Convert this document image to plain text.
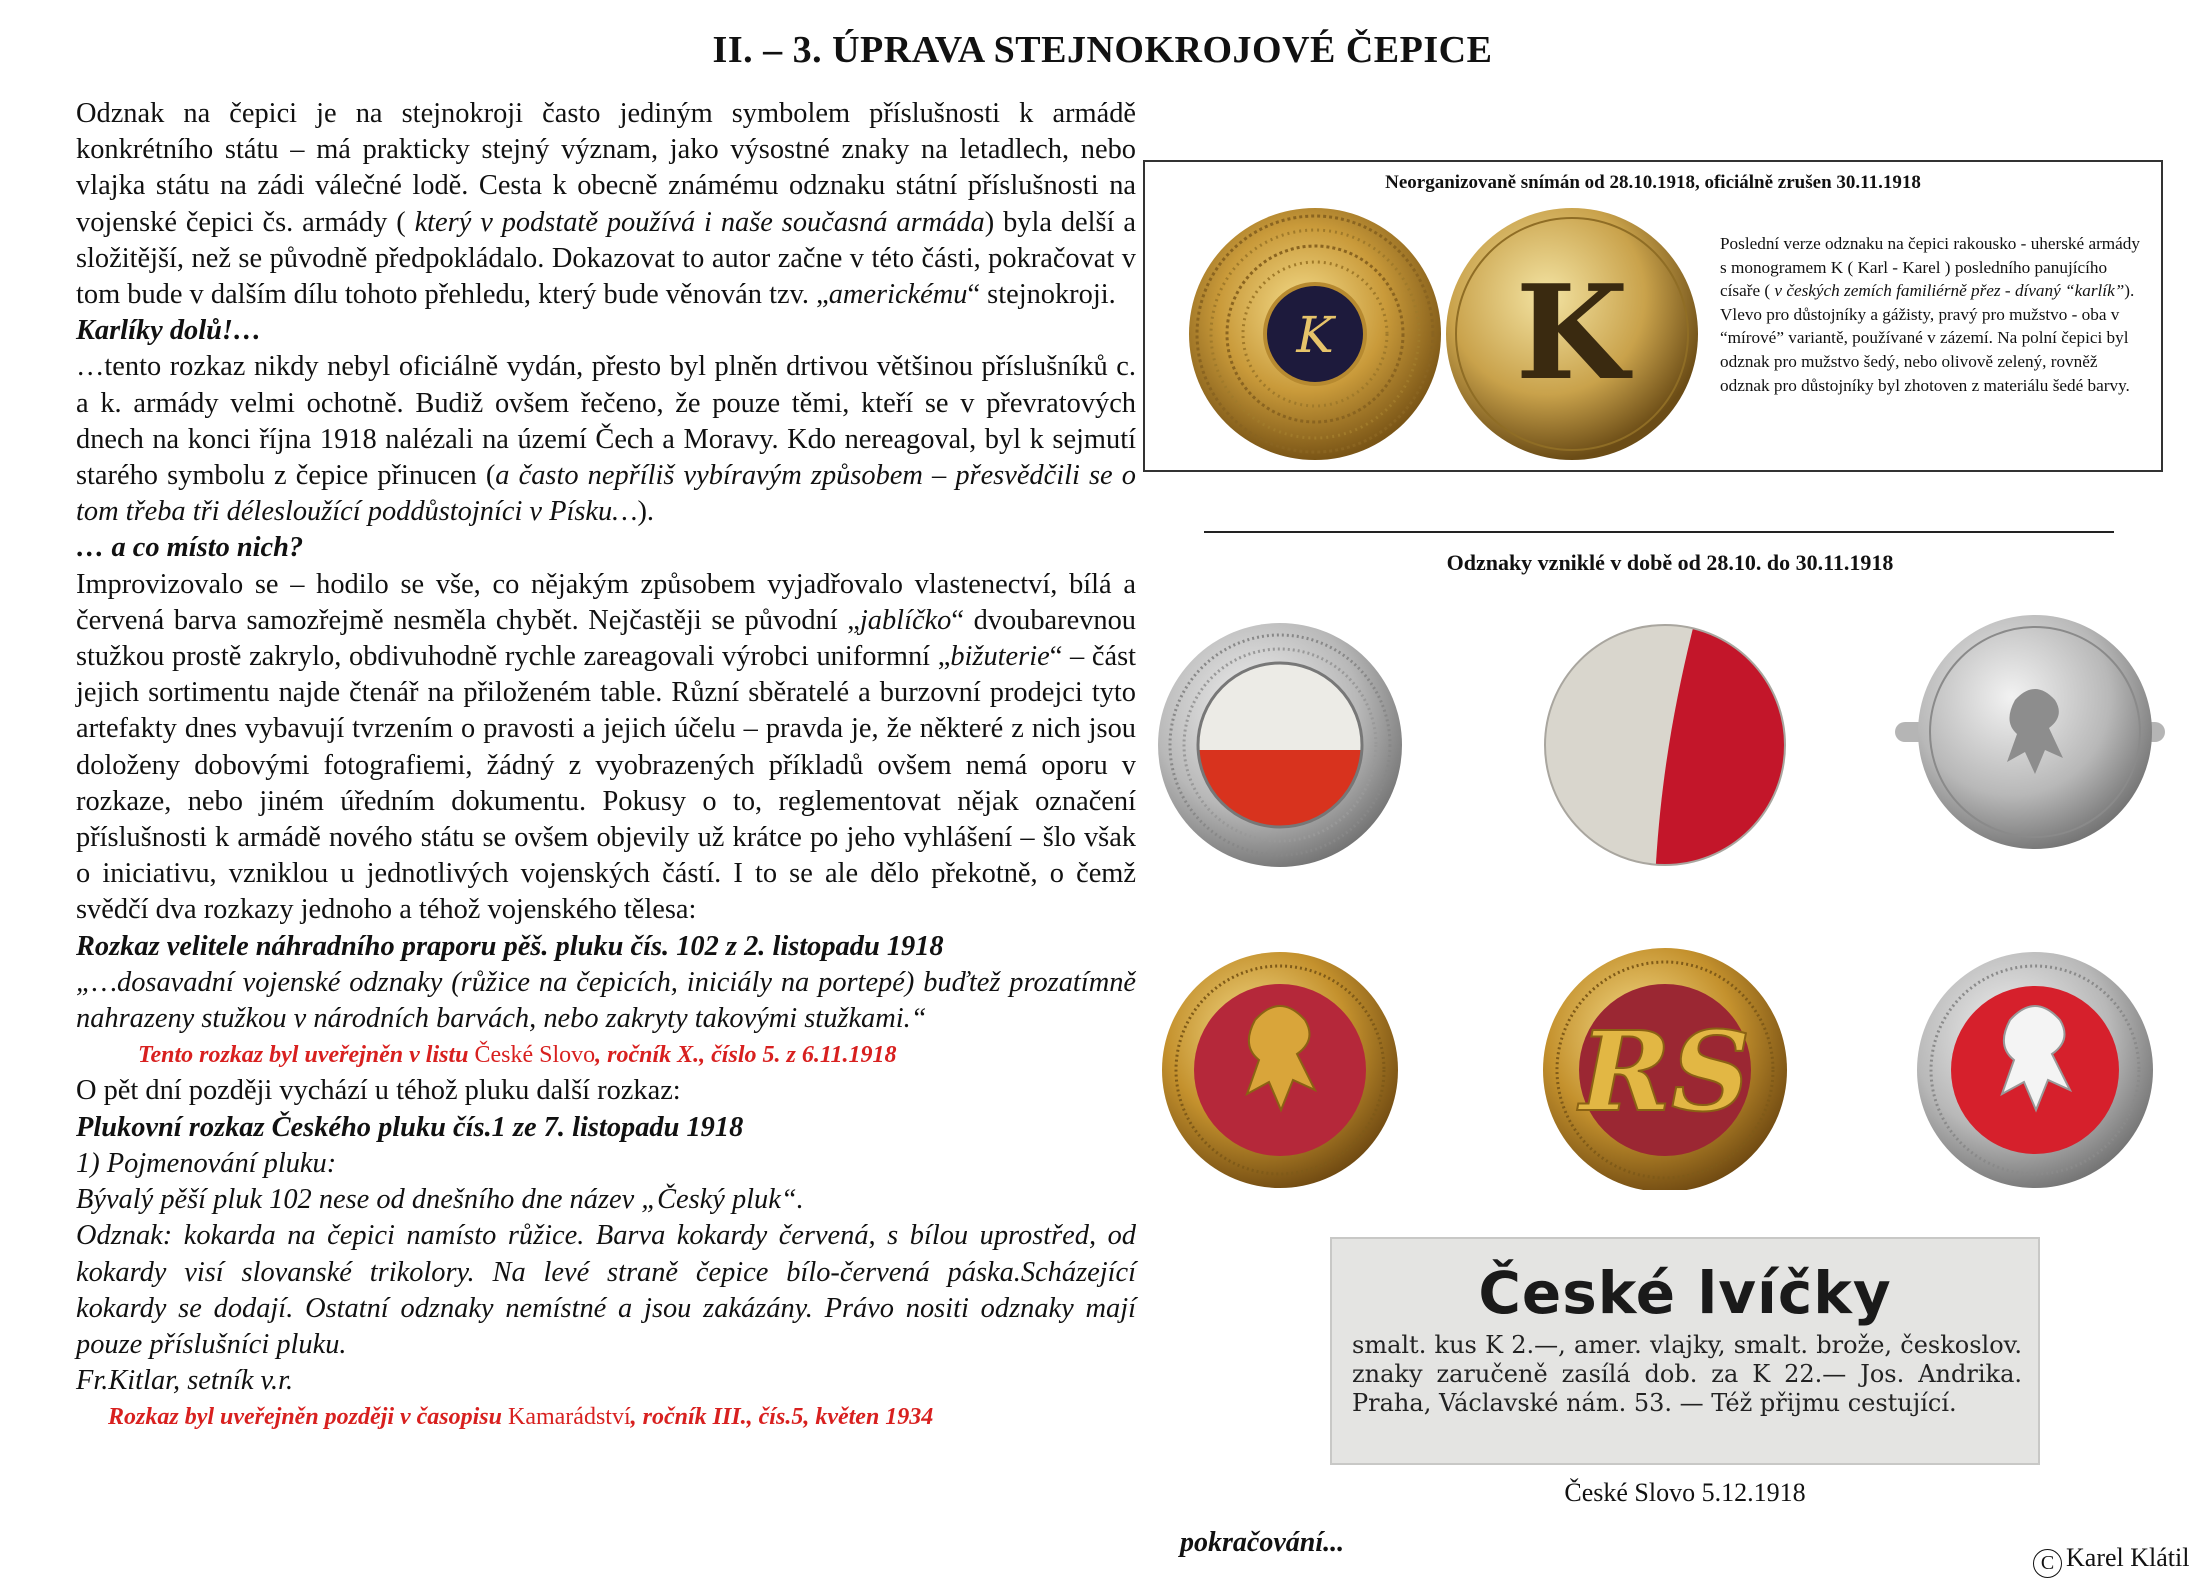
II. – 3. ÚPRAVA STEJNOKROJOVÉ ČEPICE

Odznak na čepici je na stejnokroji často jediným symbolem příslušnosti k armádě konkrétního státu – má prakticky stejný význam, jako výsostné znaky na letadlech, nebo vlajka státu na zádi válečné lodě. Cesta k obecně známému odznaku státní příslušnosti na vojenské čepici čs. armády ( který v podstatě používá i naše současná armáda) byla delší a složitější, než se původně předpokládalo. Dokazovat to autor začne v této části, pokračovat v tom bude v dalším dílu tohoto přehledu, který bude věnován tzv. „americkému“ stejnokroji.

Karlíky dolů!…

…tento rozkaz nikdy nebyl oficiálně vydán, přesto byl plněn drtivou většinou příslušníků c. a k. armády velmi ochotně. Budiž ovšem řečeno, že pouze těmi, kteří se v převratových dnech na konci října 1918 nalézali na území Čech a Moravy. Kdo nereagoval, byl k sejmutí starého symbolu z čepice přinucen (a často nepříliš vybíravým způsobem – přesvědčili se o tom třeba tři délesloužící poddůstojníci v Písku…).

… a co místo nich?

Improvizovalo se – hodilo se vše, co nějakým způsobem vyjadřovalo vlastenectví, bílá a červená barva samozřejmě nesměla chybět. Nejčastěji se původní „jablíčko“ dvoubarevnou stužkou prostě zakrylo, obdivuhodně rychle zareagovali výrobci uniformní „bižuterie“ – část jejich sortimentu najde čtenář na přiloženém table. Různí sběratelé a burzovní prodejci tyto artefakty dnes vybavují tvrzením o pravosti a jejich účelu – pravda je, že některé z nich jsou doloženy dobovými fotografiemi, žádný z vyobrazených příkladů ovšem nemá oporu v rozkaze, nebo jiném úředním dokumentu. Pokusy o to, reglementovat nějak označení příslušnosti k armádě nového státu se ovšem objevily už krátce po jeho vyhlášení – šlo však o iniciativu, vzniklou u jednotlivých vojenských částí. I to se ale dělo překotně, o čemž svědčí dva rozkazy jednoho a téhož vojenského tělesa:

Rozkaz velitele náhradního praporu pěš. pluku čís. 102 z 2. listopadu 1918

„…dosavadní vojenské odznaky (růžice na čepicích, iniciály na portepé) buďtež prozatímně nahrazeny stužkou v národních barvách, nebo zakryty takovými stužkami.“

Tento rozkaz byl uveřejněn v listu České Slovo, ročník X., číslo 5. z 6.11.1918

O pět dní později vychází u téhož pluku další rozkaz:

Plukovní rozkaz Českého pluku čís.1 ze 7. listopadu 1918

1) Pojmenování pluku:

Bývalý pěší pluk 102 nese od dnešního dne název „Český pluk“.

Odznak: kokarda na čepici namísto růžice. Barva kokardy červená, s bílou uprostřed, od kokardy visí slovanské trikolory. Na levé straně čepice bílo-červená páska.Scházející kokardy se dodají. Ostatní odznaky nemístné a jsou zakázány. Právo nositi odznaky mají pouze příslušníci pluku.

Fr.Kitlar, setník v.r.

Rozkaz byl uveřejněn později v časopisu Kamarádství, ročník III., čís.5, květen 1934

Neorganizovaně snímán od 28.10.1918, oficiálně zrušen 30.11.1918
K K
Poslední verze odznaku na čepici rakousko - uherské armády s monogramem K ( Karl - Karel ) posledního panujícího císaře ( v českých zemích familiérně přez - dívaný “karlík”). Vlevo pro důstojníky a gážisty, pravý pro mužstvo - oba v “mírové” variantě, používané v zázemí. Na polní čepici byl odznak pro mužstvo šedý, nebo olivově zelený, rovněž odznak pro důstojníky byl zhotoven z materiálu šedé barvy.
Odznaky vzniklé v době od 28.10. do 30.11.1918
RS
České lvíčky
smalt. kus K 2.—, amer. vlajky, smalt. brože, českoslov. znaky zaručeně zasílá dob. za K 22.— Jos. Andrika. Praha, Václavské nám. 53. — Též přijmu cestující.
České Slovo 5.12.1918
pokračování...
C Karel Klátil
